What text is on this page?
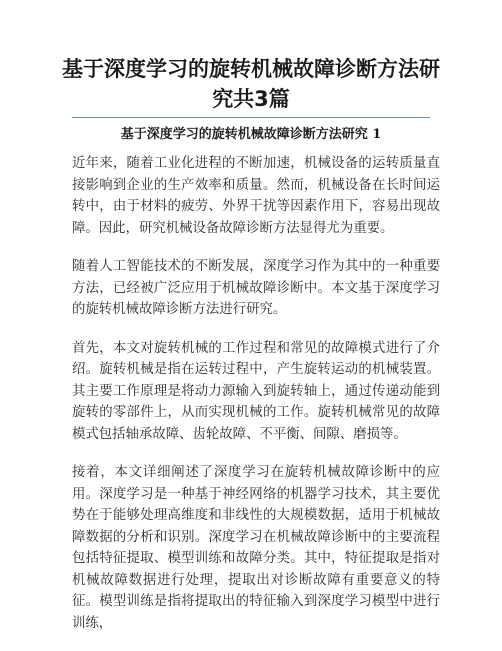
基于深度学习的旋转机械故障诊断方法研究共3篇
基于深度学习的旋转机械故障诊断方法研究 1

近年来，随着工业化进程的不断加速，机械设备的运转质量直接影响到企业的生产效率和质量。然而，机械设备在长时间运转中，由于材料的疲劳、外界干扰等因素作用下，容易出现故障。因此，研究机械设备故障诊断方法显得尤为重要。

随着人工智能技术的不断发展，深度学习作为其中的一种重要方法，已经被广泛应用于机械故障诊断中。本文基于深度学习的旋转机械故障诊断方法进行研究。

首先，本文对旋转机械的工作过程和常见的故障模式进行了介绍。旋转机械是指在运转过程中，产生旋转运动的机械装置。其主要工作原理是将动力源输入到旋转轴上，通过传递动能到旋转的零部件上，从而实现机械的工作。旋转机械常见的故障模式包括轴承故障、齿轮故障、不平衡、间隙、磨损等。

接着，本文详细阐述了深度学习在旋转机械故障诊断中的应用。深度学习是一种基于神经网络的机器学习技术，其主要优势在于能够处理高维度和非线性的大规模数据，适用于机械故障数据的分析和识别。深度学习在机械故障诊断中的主要流程包括特征提取、模型训练和故障分类。其中，特征提取是指对机械故障数据进行处理，提取出对诊断故障有重要意义的特征。模型训练是指将提取出的特征输入到深度学习模型中进行训练，
